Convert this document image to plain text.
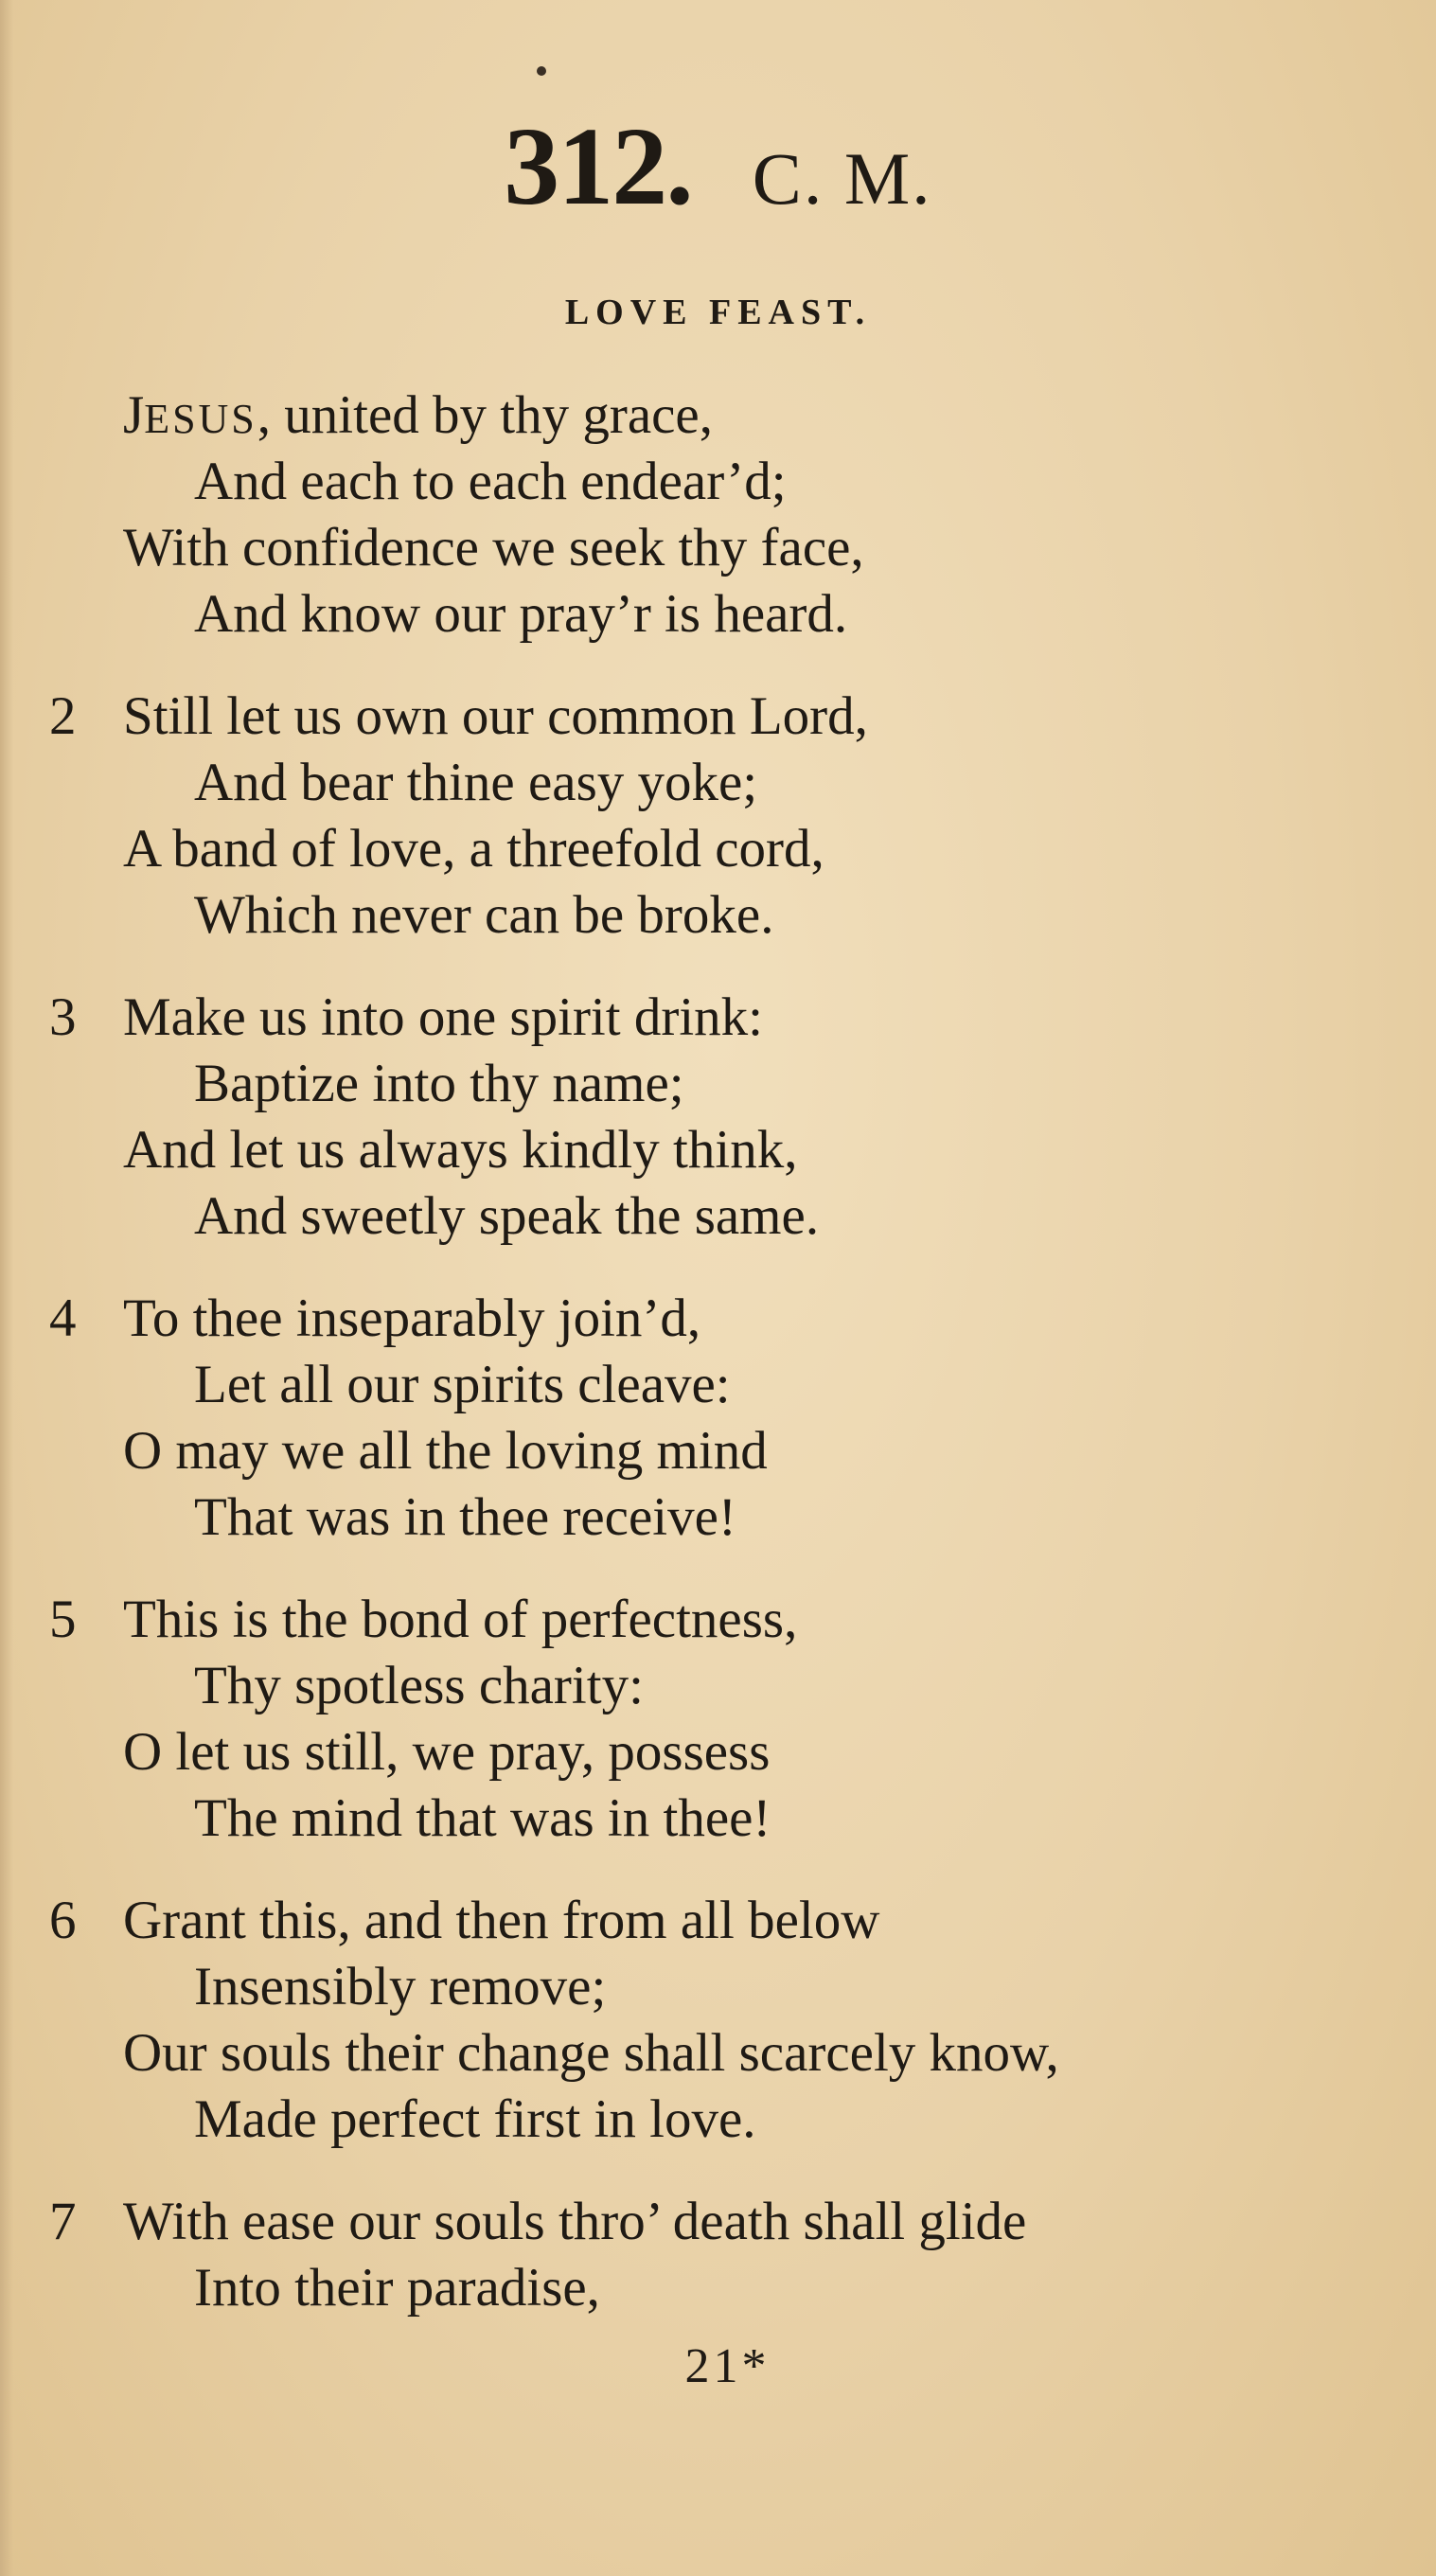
312. C. M.
LOVE FEAST.
JESUS, united by thy grace,
And each to each endear’d;
With confidence we seek thy face,
And know our pray’r is heard.
2 Still let us own our common Lord,
And bear thine easy yoke;
A band of love, a threefold cord,
Which never can be broke.
3 Make us into one spirit drink:
Baptize into thy name;
And let us always kindly think,
And sweetly speak the same.
4 To thee inseparably join’d,
Let all our spirits cleave:
O may we all the loving mind
That was in thee receive!
5 This is the bond of perfectness,
Thy spotless charity:
O let us still, we pray, possess
The mind that was in thee!
6 Grant this, and then from all below
Insensibly remove;
Our souls their change shall scarcely know,
Made perfect first in love.
7 With ease our souls thro’ death shall glide
Into their paradise,
21*
